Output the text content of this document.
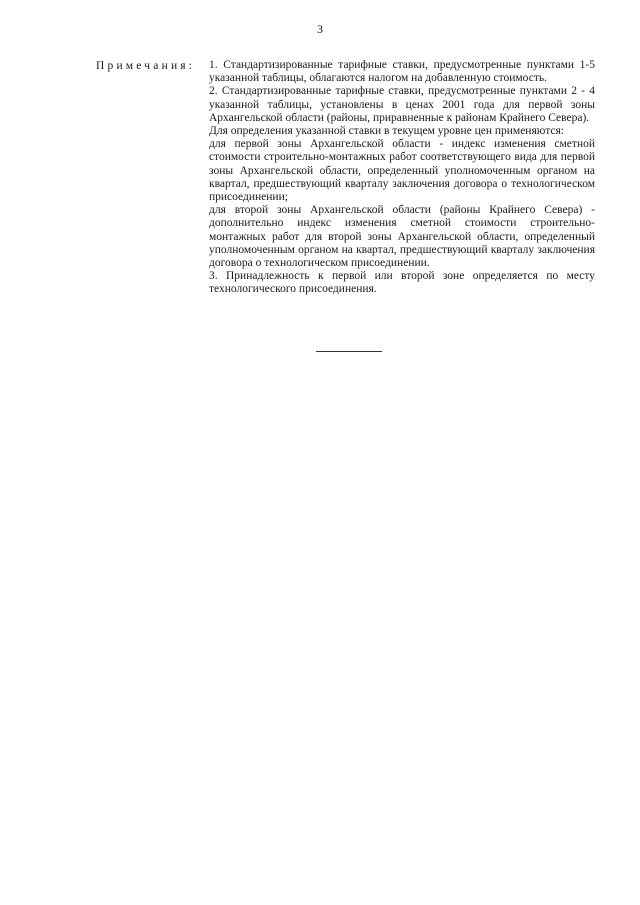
3
Примечания: 1. Стандартизированные тарифные ставки, предусмотренные пунктами 1-5 указанной таблицы, облагаются налогом на добавленную стоимость.

2. Стандартизированные тарифные ставки, предусмотренные пунктами 2 - 4 указанной таблицы, установлены в ценах 2001 года для первой зоны Архангельской области (районы, приравненные к районам Крайнего Севера).

Для определения указанной ставки в текущем уровне цен применяются:

для первой зоны Архангельской области - индекс изменения сметной стоимости строительно-монтажных работ соответствующего вида для первой зоны Архангельской области, определенный уполномоченным органом на квартал, предшествующий кварталу заключения договора о технологическом присоединении;

для второй зоны Архангельской области (районы Крайнего Севера) - дополнительно индекс изменения сметной стоимости строительно-монтажных работ для второй зоны Архангельской области, определенный уполномоченным органом на квартал, предшествующий кварталу заключения договора о технологическом присоединении.

3. Принадлежность к первой или второй зоне определяется по месту технологического присоединения.
